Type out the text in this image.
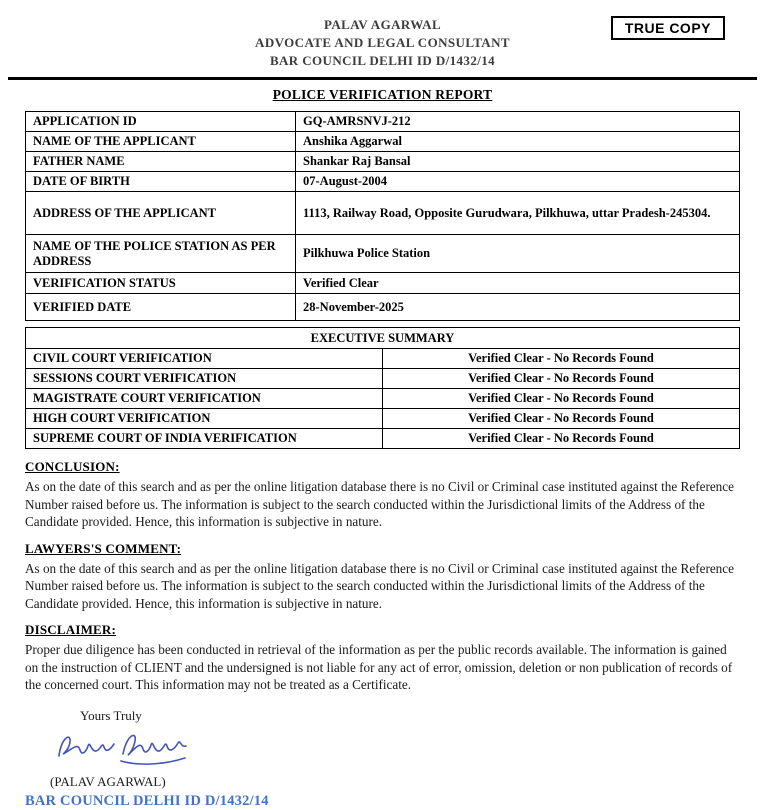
PALAV AGARWAL
ADVOCATE AND LEGAL CONSULTANT
BAR COUNCIL DELHI ID D/1432/14
TRUE COPY
POLICE VERIFICATION REPORT
APPLICATION ID	GQ-AMRSNVJ-212
NAME OF THE APPLICANT	Anshika Aggarwal
FATHER NAME	Shankar Raj Bansal
DATE OF BIRTH	07-August-2004
ADDRESS OF THE APPLICANT	1113, Railway Road, Opposite Gurudwara, Pilkhuwa, uttar Pradesh-245304.
NAME OF THE POLICE STATION AS PER ADDRESS	Pilkhuwa Police Station
VERIFICATION STATUS	Verified Clear
VERIFIED DATE	28-November-2025
EXECUTIVE SUMMARY	
CIVIL COURT VERIFICATION	Verified Clear - No Records Found
SESSIONS COURT VERIFICATION	Verified Clear - No Records Found
MAGISTRATE COURT VERIFICATION	Verified Clear - No Records Found
HIGH COURT VERIFICATION	Verified Clear - No Records Found
SUPREME COURT OF INDIA VERIFICATION	Verified Clear - No Records Found
CONCLUSION:
As on the date of this search and as per the online litigation database there is no Civil or Criminal case instituted against the Reference Number raised before us. The information is subject to the search conducted within the Jurisdictional limits of the Address of the Candidate provided. Hence, this information is subjective in nature.
LAWYERS'S COMMENT:
As on the date of this search and as per the online litigation database there is no Civil or Criminal case instituted against the Reference Number raised before us. The information is subject to the search conducted within the Jurisdictional limits of the Address of the Candidate provided. Hence, this information is subjective in nature.
DISCLAIMER:
Proper due diligence has been conducted in retrieval of the information as per the public records available. The information is gained on the instruction of CLIENT and the undersigned is not liable for any act of error, omission, deletion or non publication of records of the concerned court. This information may not be treated as a Certificate.
Yours Truly
(PALAV AGARWAL)
BAR COUNCIL DELHI ID D/1432/14
